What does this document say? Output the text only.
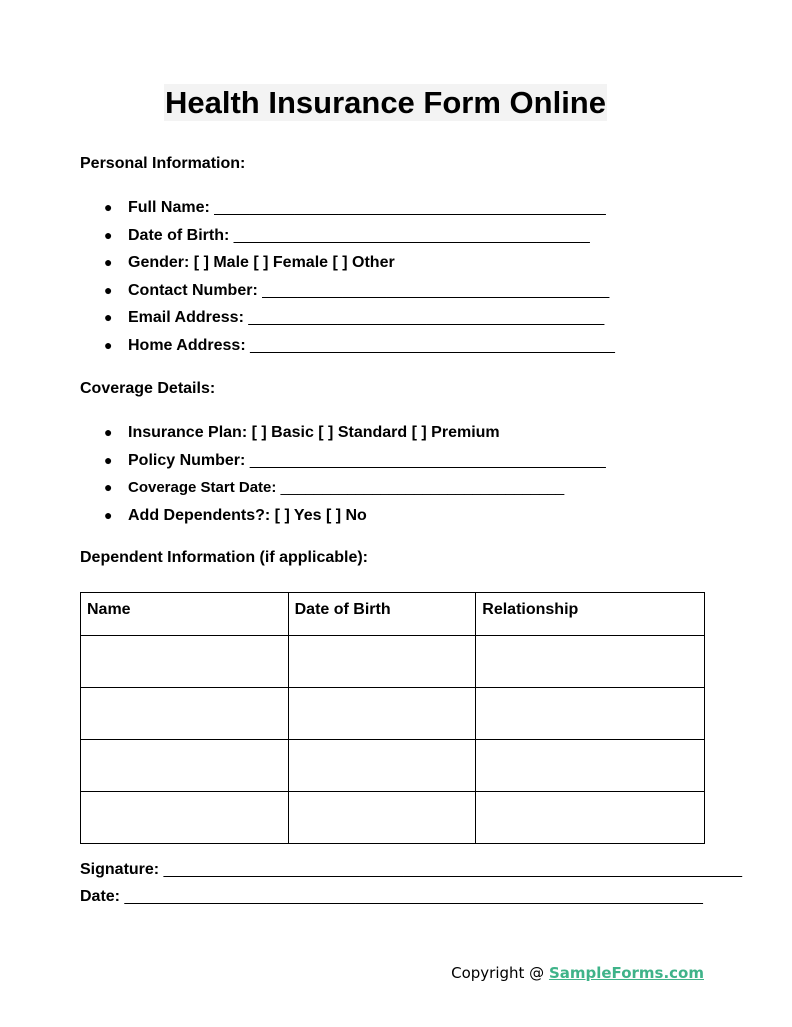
Health Insurance Form Online
Personal Information:
● Full Name: ____________________________________________
● Date of Birth: ________________________________________
● Gender: [ ] Male [ ] Female [ ] Other
● Contact Number: _______________________________________
● Email Address: ________________________________________
● Home Address: _________________________________________
Coverage Details:
● Insurance Plan: [ ] Basic [ ] Standard [ ] Premium
● Policy Number: ________________________________________
● Coverage Start Date: __________________________________
● Add Dependents?: [ ] Yes [ ] No
Dependent Information (if applicable):
Name	Date of Birth	Relationship

Signature: _________________________________________________________________
Date: _________________________________________________________________
Copyright @ SampleForms.com
